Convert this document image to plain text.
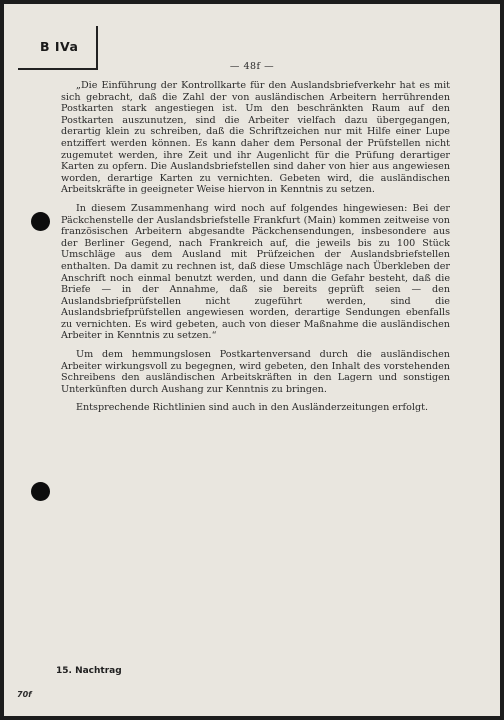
B IVa
— 48f —

„Die Einführung der Kontrollkarte für den Auslandsbriefverkehr hat es mit sich gebracht, daß die Zahl der von ausländischen Arbeitern herrührenden Postkarten stark angestiegen ist. Um den beschränkten Raum auf den Postkarten auszunutzen, sind die Arbeiter vielfach dazu übergegangen, derartig klein zu schreiben, daß die Schriftzeichen nur mit Hilfe einer Lupe entziffert werden können. Es kann daher dem Personal der Prüfstellen nicht zugemutet werden, ihre Zeit und ihr Augenlicht für die Prüfung derartiger Karten zu opfern. Die Auslandsbriefstellen sind daher von hier aus angewiesen worden, derartige Karten zu vernichten. Gebeten wird, die ausländischen Arbeitskräfte in geeigneter Weise hiervon in Kenntnis zu setzen.

In diesem Zusammenhang wird noch auf folgendes hingewiesen: Bei der Päckchenstelle der Auslandsbriefstelle Frankfurt (Main) kommen zeitweise von französischen Arbeitern abgesandte Päckchensendungen, insbesondere aus der Berliner Gegend, nach Frankreich auf, die jeweils bis zu 100 Stück Umschläge aus dem Ausland mit Prüfzeichen der Auslandsbriefstellen enthalten. Da damit zu rechnen ist, daß diese Umschläge nach Überkleben der Anschrift noch einmal benutzt werden, und dann die Gefahr besteht, daß die Briefe — in der Annahme, daß sie bereits geprüft seien — den Auslandsbriefprüfstellen nicht zugeführt werden, sind die Auslandsbriefprüfstellen angewiesen worden, derartige Sendungen ebenfalls zu vernichten. Es wird gebeten, auch von dieser Maßnahme die ausländischen Arbeiter in Kenntnis zu setzen.“

Um dem hemmungslosen Postkartenversand durch die ausländischen Arbeiter wirkungsvoll zu begegnen, wird gebeten, den Inhalt des vorstehenden Schreibens den ausländischen Arbeitskräften in den Lagern und sonstigen Unterkünften durch Aushang zur Kenntnis zu bringen.

Entsprechende Richtlinien sind auch in den Ausländerzeitungen erfolgt.

15. Nachtrag
70f
